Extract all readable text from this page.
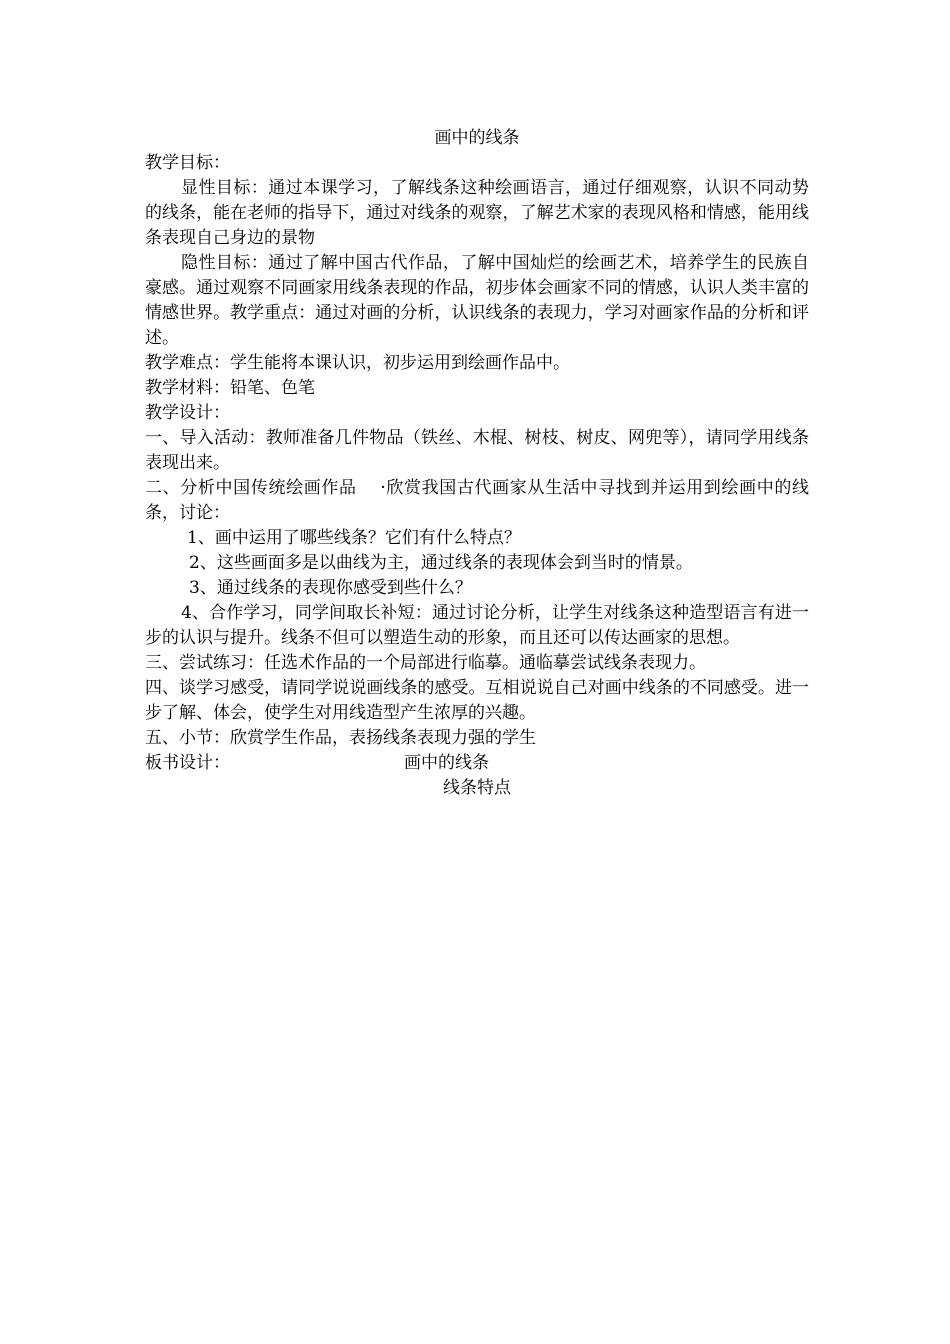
画中的线条

教学目标：

显性目标：通过本课学习，了解线条这种绘画语言，通过仔细观察，认识不同动势的线条，能在老师的指导下，通过对线条的观察，了解艺术家的表现风格和情感，能用线条表现自己身边的景物

隐性目标：通过了解中国古代作品，了解中国灿烂的绘画艺术，培养学生的民族自豪感。通过观察不同画家用线条表现的作品，初步体会画家不同的情感，认识人类丰富的情感世界。教学重点：通过对画的分析，认识线条的表现力，学习对画家作品的分析和评述。

教学难点：学生能将本课认识，初步运用到绘画作品中。

教学材料：铅笔、色笔

教学设计：

一、导入活动：教师准备几件物品（铁丝、木棍、树枝、树皮、网兜等），请同学用线条表现出来。

二、分析中国传统绘画作品　 ·欣赏我国古代画家从生活中寻找到并运用到绘画中的线条，讨论：

1、画中运用了哪些线条？它们有什么特点？

2、这些画面多是以曲线为主，通过线条的表现体会到当时的情景。

3、通过线条的表现你感受到些什么？

4、合作学习，同学间取长补短：通过讨论分析，让学生对线条这种造型语言有进一步的认识与提升。线条不但可以塑造生动的形象，而且还可以传达画家的思想。

三、尝试练习：任选术作品的一个局部进行临摹。通临摹尝试线条表现力。

四、谈学习感受，请同学说说画线条的感受。互相说说自己对画中线条的不同感受。进一步了解、体会，使学生对用线造型产生浓厚的兴趣。

五、小节：欣赏学生作品，表扬线条表现力强的学生

板书设计：	画中的线条

线条特点
